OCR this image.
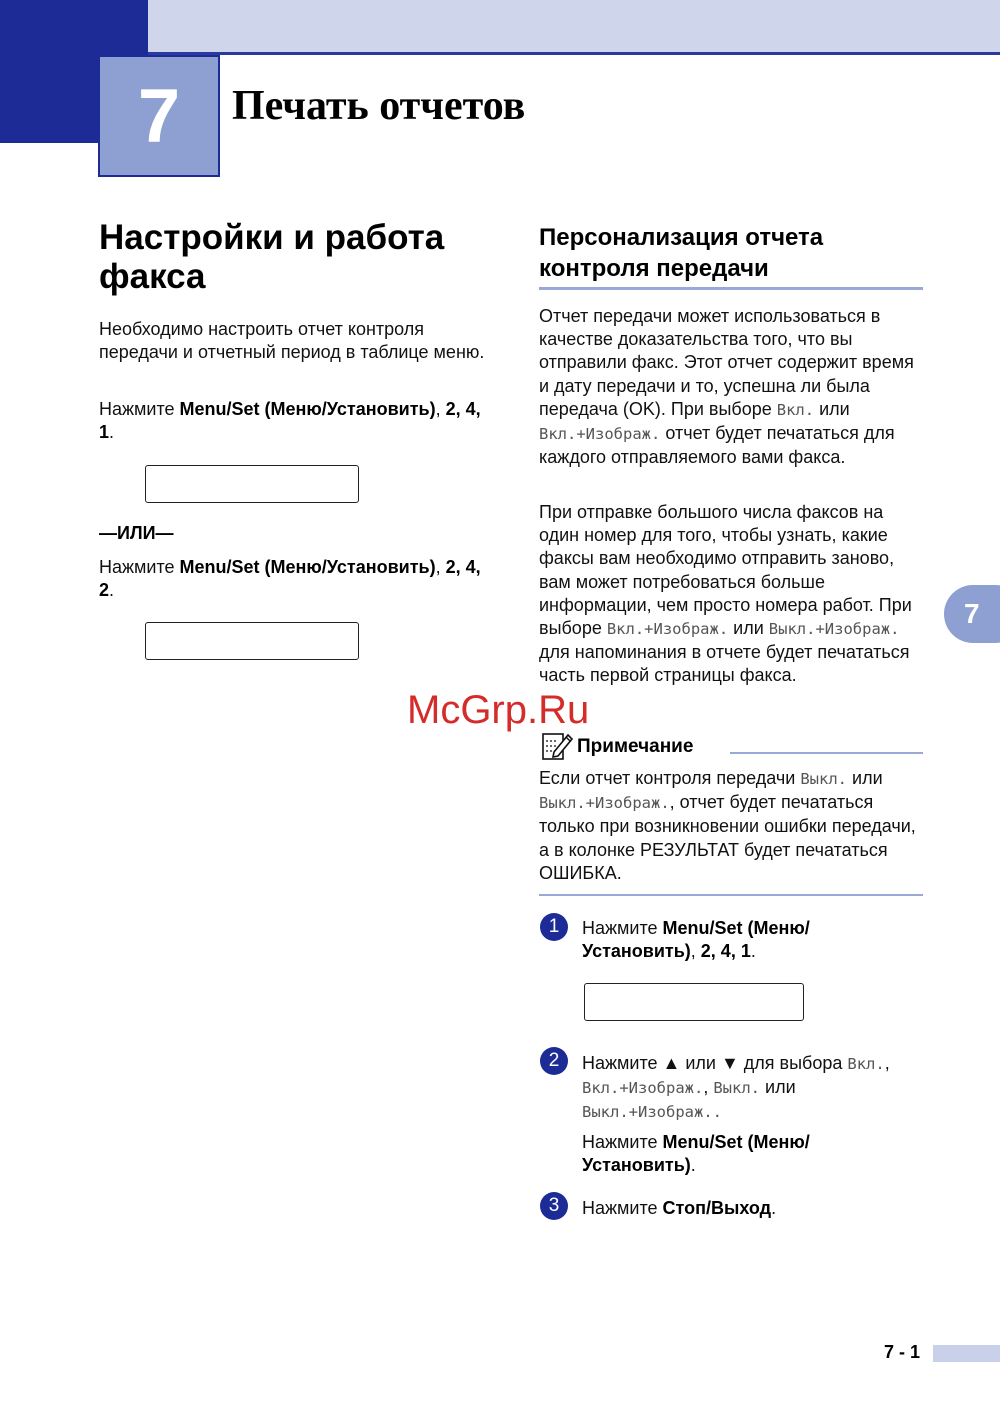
7 Печать отчетов
Настройки и работа
факса
Необходимо настроить отчет контроля передачи и отчетный период в таблице меню.
Нажмите Menu/Set (Меню/Установить), 2, 4, 1.

—ИЛИ—
Нажмите Menu/Set (Меню/Установить), 2, 4, 2.

Персонализация отчета
контроля передачи
Отчет передачи может использоваться в качестве доказательства того, что вы отправили факс. Этот отчет содержит время и дату передачи и то, успешна ли была передача (OK). При выборе Вкл. или Вкл.+Изображ. отчет будет печататься для каждого отправляемого вами факса.
При отправке большого числа факсов на один номер для того, чтобы узнать, какие факсы вам необходимо отправить заново, вам может потребоваться больше информации, чем просто номера работ. При выборе Вкл.+Изображ. или Выкл.+Изображ. для напоминания в отчете будет печататься часть первой страницы факса.
Примечание
Если отчет контроля передачи Выкл. или Выкл.+Изображ., отчет будет печататься только при возникновении ошибки передачи, а в колонке РЕЗУЛЬТАТ будет печататься ОШИБКА.
1	Нажмите Menu/Set (Меню/Установить), 2, 4, 1.

2	Нажмите ▲ или ▼ для выбора Вкл., Вкл.+Изображ., Выкл. или Выкл.+Изображ..
Нажмите Menu/Set (Меню/Установить).
3	Нажмите Стоп/Выход.
7
McGrp.Ru
7 - 1
